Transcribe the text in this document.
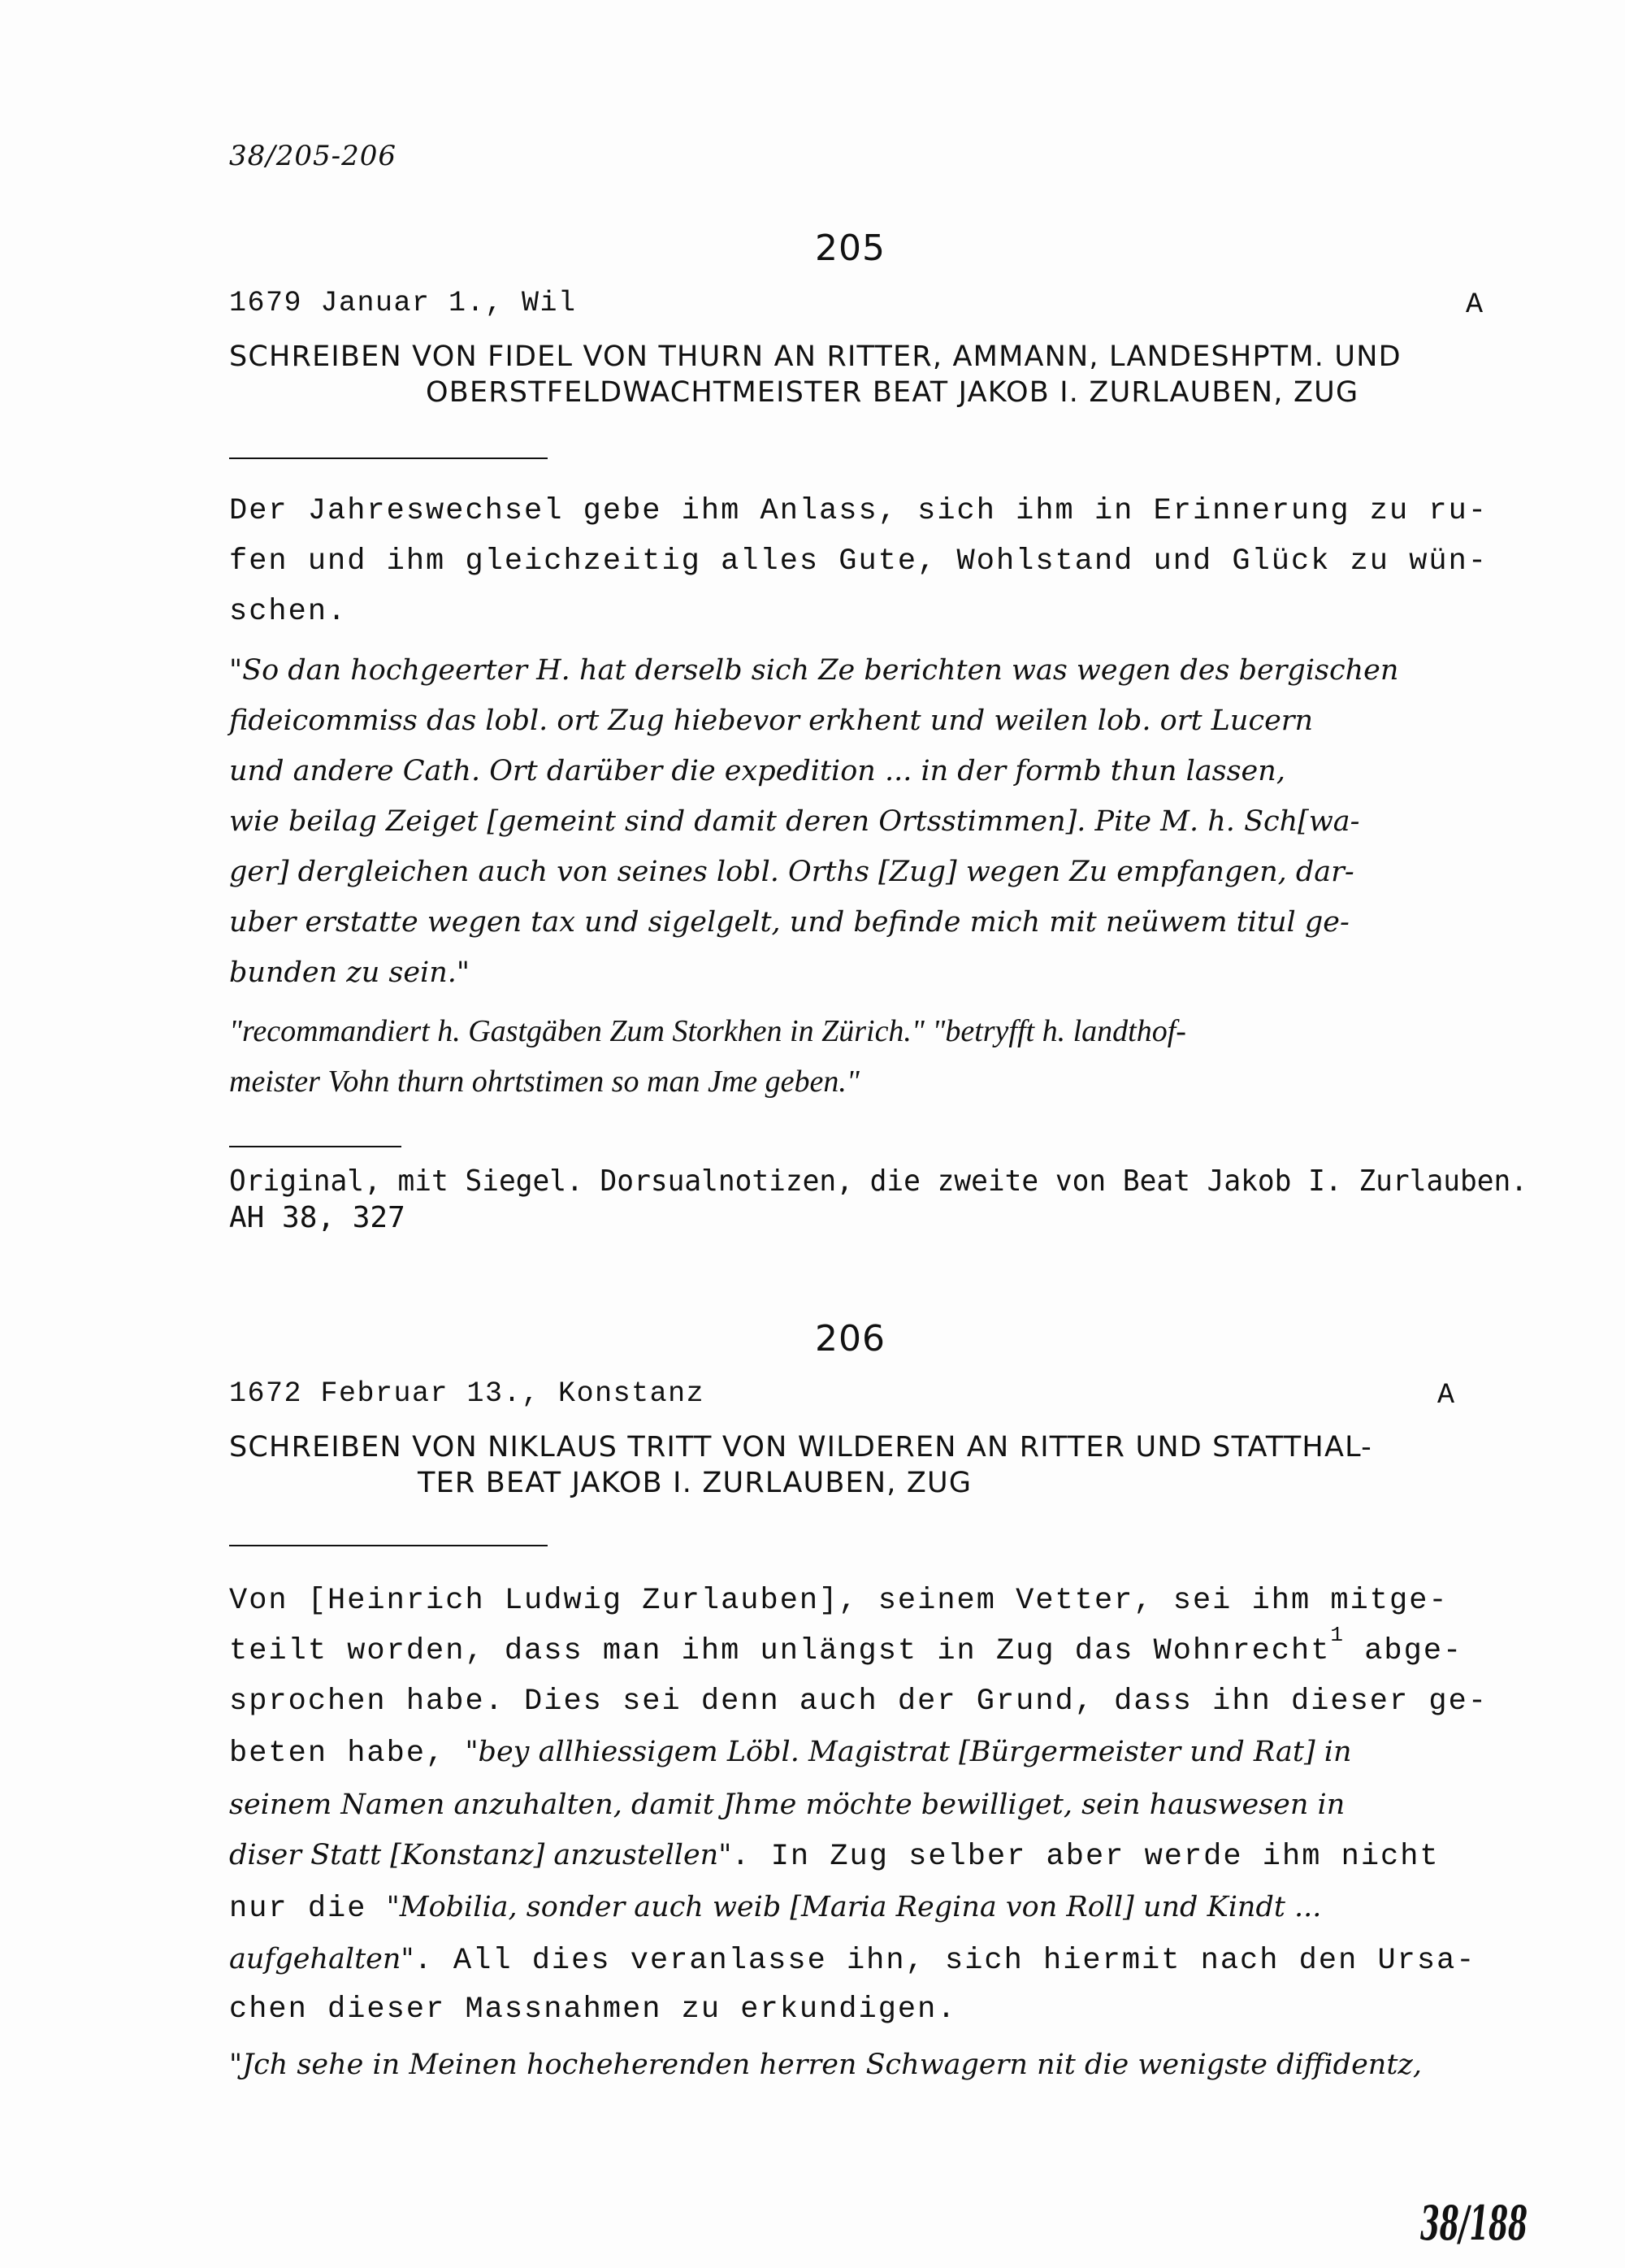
38/205-206
205
1679 Januar 1., Wil	A
SCHREIBEN VON FIDEL VON THURN AN RITTER, AMMANN, LANDESHPTM. UND
OBERSTFELDWACHTMEISTER BEAT JAKOB I. ZURLAUBEN, ZUG
Der Jahreswechsel gebe ihm Anlass, sich ihm in Erinnerung zu ru-
fen und ihm gleichzeitig alles Gute, Wohlstand und Glück zu wün-
schen.
"So dan hochgeerter H. hat derselb sich Ze berichten was wegen des bergischen
fideicommiss das lobl. ort Zug hiebevor erkhent und weilen lob. ort Lucern
und andere Cath. Ort darüber die expedition ... in der formb thun lassen,
wie beilag Zeiget [gemeint sind damit deren Ortsstimmen]. Pite M. h. Sch[wa-
ger] dergleichen auch von seines lobl. Orths [Zug] wegen Zu empfangen, dar-
uber erstatte wegen tax und sigelgelt, und befinde mich mit neüwem titul ge-
bunden zu sein."
"recommandiert h. Gastgäben Zum Storkhen in Zürich." "betryfft h. landthof-
meister Vohn thurn ohrtstimen so man Jme geben."
Original, mit Siegel. Dorsualnotizen, die zweite von Beat Jakob I. Zurlauben.
AH 38, 327
206
1672 Februar 13., Konstanz	A
SCHREIBEN VON NIKLAUS TRITT VON WILDEREN AN RITTER UND STATTHAL-
TER BEAT JAKOB I. ZURLAUBEN, ZUG
Von [Heinrich Ludwig Zurlauben], seinem Vetter, sei ihm mitge-
teilt worden, dass man ihm unlängst in Zug das Wohnrecht$^1$ abge-
sprochen habe. Dies sei denn auch der Grund, dass ihn dieser ge-
beten habe, "bey allhiessigem Löbl. Magistrat [Bürgermeister und Rat] in
seinem Namen anzuhalten, damit Jhme möchte bewilliget, sein hauswesen in
diser Statt [Konstanz] anzustellen". In Zug selber aber werde ihm nicht
nur die "Mobilia, sonder auch weib [Maria Regina von Roll] und Kindt ...
aufgehalten". All dies veranlasse ihn, sich hiermit nach den Ursa-
chen dieser Massnahmen zu erkundigen.
"Jch sehe in Meinen hocheherenden herren Schwagern nit die wenigste diffidentz,
38/188
